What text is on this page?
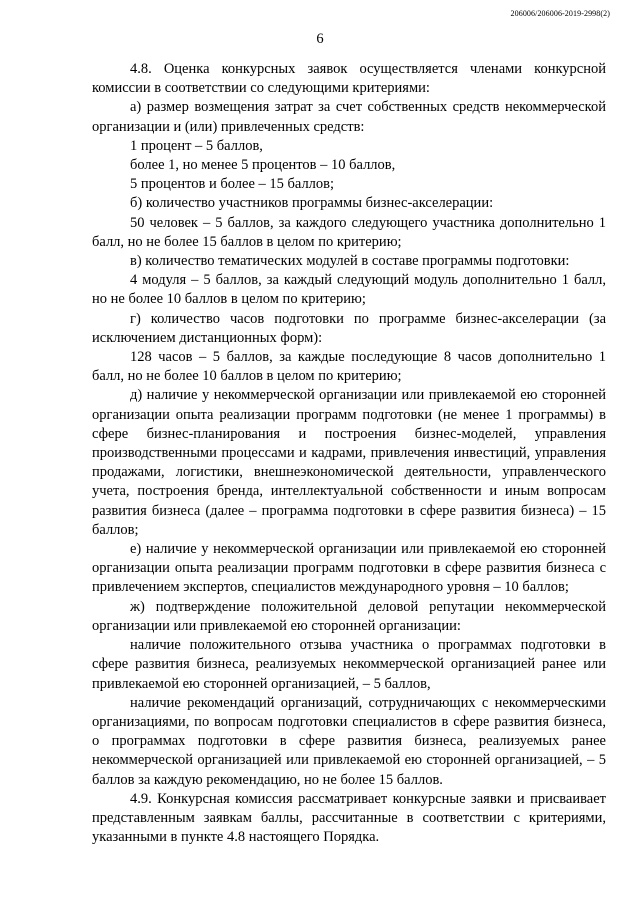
206006/206006-2019-2998(2)
6

4.8. Оценка конкурсных заявок осуществляется членами конкурсной комиссии в соответствии со следующими критериями:

а) размер возмещения затрат за счет собственных средств некоммерческой организации и (или) привлеченных средств:

1 процент – 5 баллов,

более 1, но менее 5 процентов – 10 баллов,

5 процентов и более – 15 баллов;

б) количество участников программы бизнес-акселерации:

50 человек – 5 баллов, за каждого следующего участника дополнительно 1 балл, но не более 15 баллов в целом по критерию;

в) количество тематических модулей в составе программы подготовки:

4 модуля – 5 баллов, за каждый следующий модуль дополнительно 1 балл, но не более 10 баллов в целом по критерию;

г) количество часов подготовки по программе бизнес-акселерации (за исключением дистанционных форм):

128 часов – 5 баллов, за каждые последующие 8 часов дополнительно 1 балл, но не более 10 баллов в целом по критерию;

д) наличие у некоммерческой организации или привлекаемой ею сторонней организации опыта реализации программ подготовки (не менее 1 программы) в сфере бизнес-планирования и построения бизнес-моделей, управления производственными процессами и кадрами, привлечения инвестиций, управления продажами, логистики, внешнеэкономической деятельности, управленческого учета, построения бренда, интеллектуальной собственности и иным вопросам развития бизнеса (далее – программа подготовки в сфере развития бизнеса) – 15 баллов;

е) наличие у некоммерческой организации или привлекаемой ею сторонней организации опыта реализации программ подготовки в сфере развития бизнеса с привлечением экспертов, специалистов международного уровня – 10 баллов;

ж) подтверждение положительной деловой репутации некоммерческой организации или привлекаемой ею сторонней организации:

наличие положительного отзыва участника о программах подготовки в сфере развития бизнеса, реализуемых некоммерческой организацией ранее или привлекаемой ею сторонней организацией, – 5 баллов,

наличие рекомендаций организаций, сотрудничающих с некоммерческими организациями, по вопросам подготовки специалистов в сфере развития бизнеса, о программах подготовки в сфере развития бизнеса, реализуемых ранее некоммерческой организацией или привлекаемой ею сторонней организацией, – 5 баллов за каждую рекомендацию, но не более 15 баллов.

4.9. Конкурсная комиссия рассматривает конкурсные заявки и присваивает представленным заявкам баллы, рассчитанные в соответствии с критериями, указанными в пункте 4.8 настоящего Порядка.
